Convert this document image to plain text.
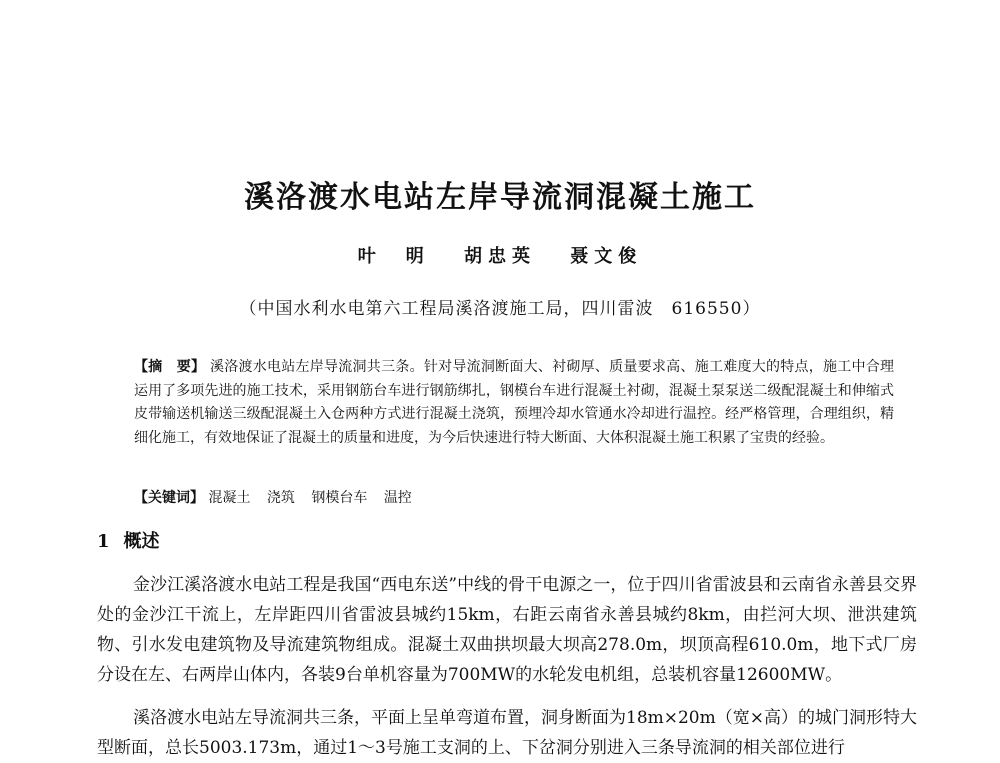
溪洛渡水电站左岸导流洞混凝土施工
叶　明 胡忠英 聂文俊
（中国水利水电第六工程局溪洛渡施工局，四川雷波　616550）
【摘　要】 溪洛渡水电站左岸导流洞共三条。针对导流洞断面大、衬砌厚、质量要求高、施工难度大的特点，施工中合理运用了多项先进的施工技术，采用钢筋台车进行钢筋绑扎，钢模台车进行混凝土衬砌，混凝土泵泵送二级配混凝土和伸缩式皮带输送机输送三级配混凝土入仓两种方式进行混凝土浇筑，预埋冷却水管通水冷却进行温控。经严格管理，合理组织，精细化施工，有效地保证了混凝土的质量和进度，为今后快速进行特大断面、大体积混凝土施工积累了宝贵的经验。
【关键词】 混凝土 浇筑 钢模台车 温控
1 概述
金沙江溪洛渡水电站工程是我国“西电东送”中线的骨干电源之一，位于四川省雷波县和云南省永善县交界处的金沙江干流上，左岸距四川省雷波县城约15km，右距云南省永善县城约8km，由拦河大坝、泄洪建筑物、引水发电建筑物及导流建筑物组成。混凝土双曲拱坝最大坝高278.0m，坝顶高程610.0m，地下式厂房分设在左、右两岸山体内，各装9台单机容量为700MW的水轮发电机组，总装机容量12600MW。
溪洛渡水电站左导流洞共三条，平面上呈单弯道布置，洞身断面为18m×20m（宽×高）的城门洞形特大型断面，总长5003.173m，通过1～3号施工支洞的上、下岔洞分别进入三条导流洞的相关部位进行
